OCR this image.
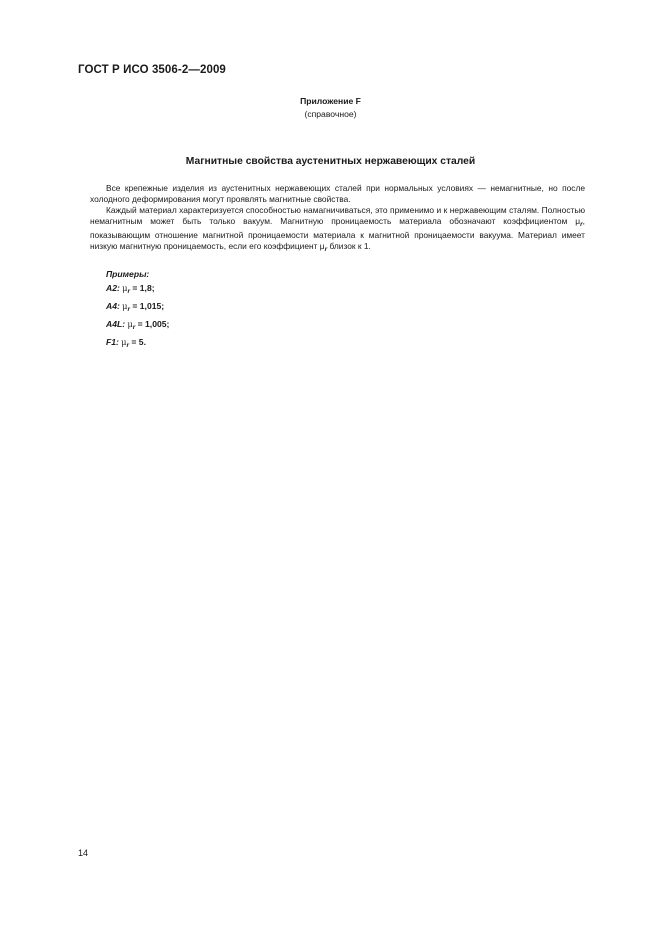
ГОСТ Р ИСО 3506-2—2009
Приложение F
(справочное)
Магнитные свойства аустенитных нержавеющих сталей

Все крепежные изделия из аустенитных нержавеющих сталей при нормальных условиях — немагнитные, но после холодного деформирования могут проявлять магнитные свойства.

Каждый материал характеризуется способностью намагничиваться, это применимо и к нержавеющим сталям. Полностью немагнитным может быть только вакуум. Магнитную проницаемость материала обозначают коэффициентом $\mu_r$, показывающим отношение магнитной проницаемости материала к магнитной проницаемости вакуума. Материал имеет низкую магнитную проницаемость, если его коэффициент $\mu_r$ близок к 1.

Примеры:
А2: $\mu_r = 1,8$;
А4: $\mu_r = 1,015$;
А4L: $\mu_r = 1,005$;
F1: $\mu_r = 5$.
14
